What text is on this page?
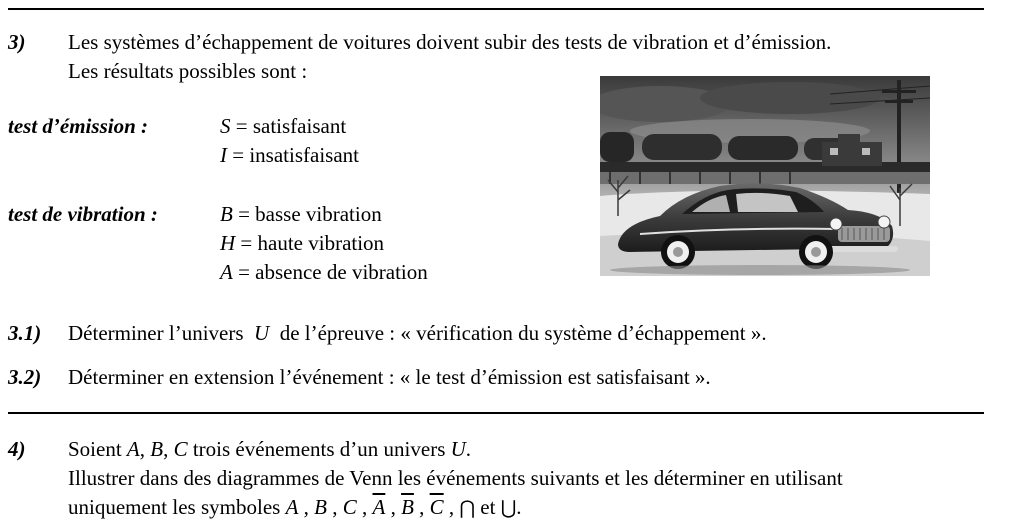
3) Les systèmes d’échappement de voitures doivent subir des tests de vibration et d’émission.
Les résultats possibles sont :
test d’émission :	S = satisfaisant
I = insatisfaisant
test de vibration :	B = basse vibration
H = haute vibration
A = absence de vibration
3.1) Déterminer l’univers  U  de l’épreuve : « vérification du système d’échappement ».
3.2) Déterminer en extension l’événement : « le test d’émission est satisfaisant ».
4) Soient A, B, C trois événements d’un univers U.
Illustrer dans des diagrammes de Venn les événements suivants et les déterminer en utilisant
uniquement les symboles A , B , C , $\overline{A}$ , $\overline{B}$ , $\overline{C}$ , ⋂ et ⋃.
